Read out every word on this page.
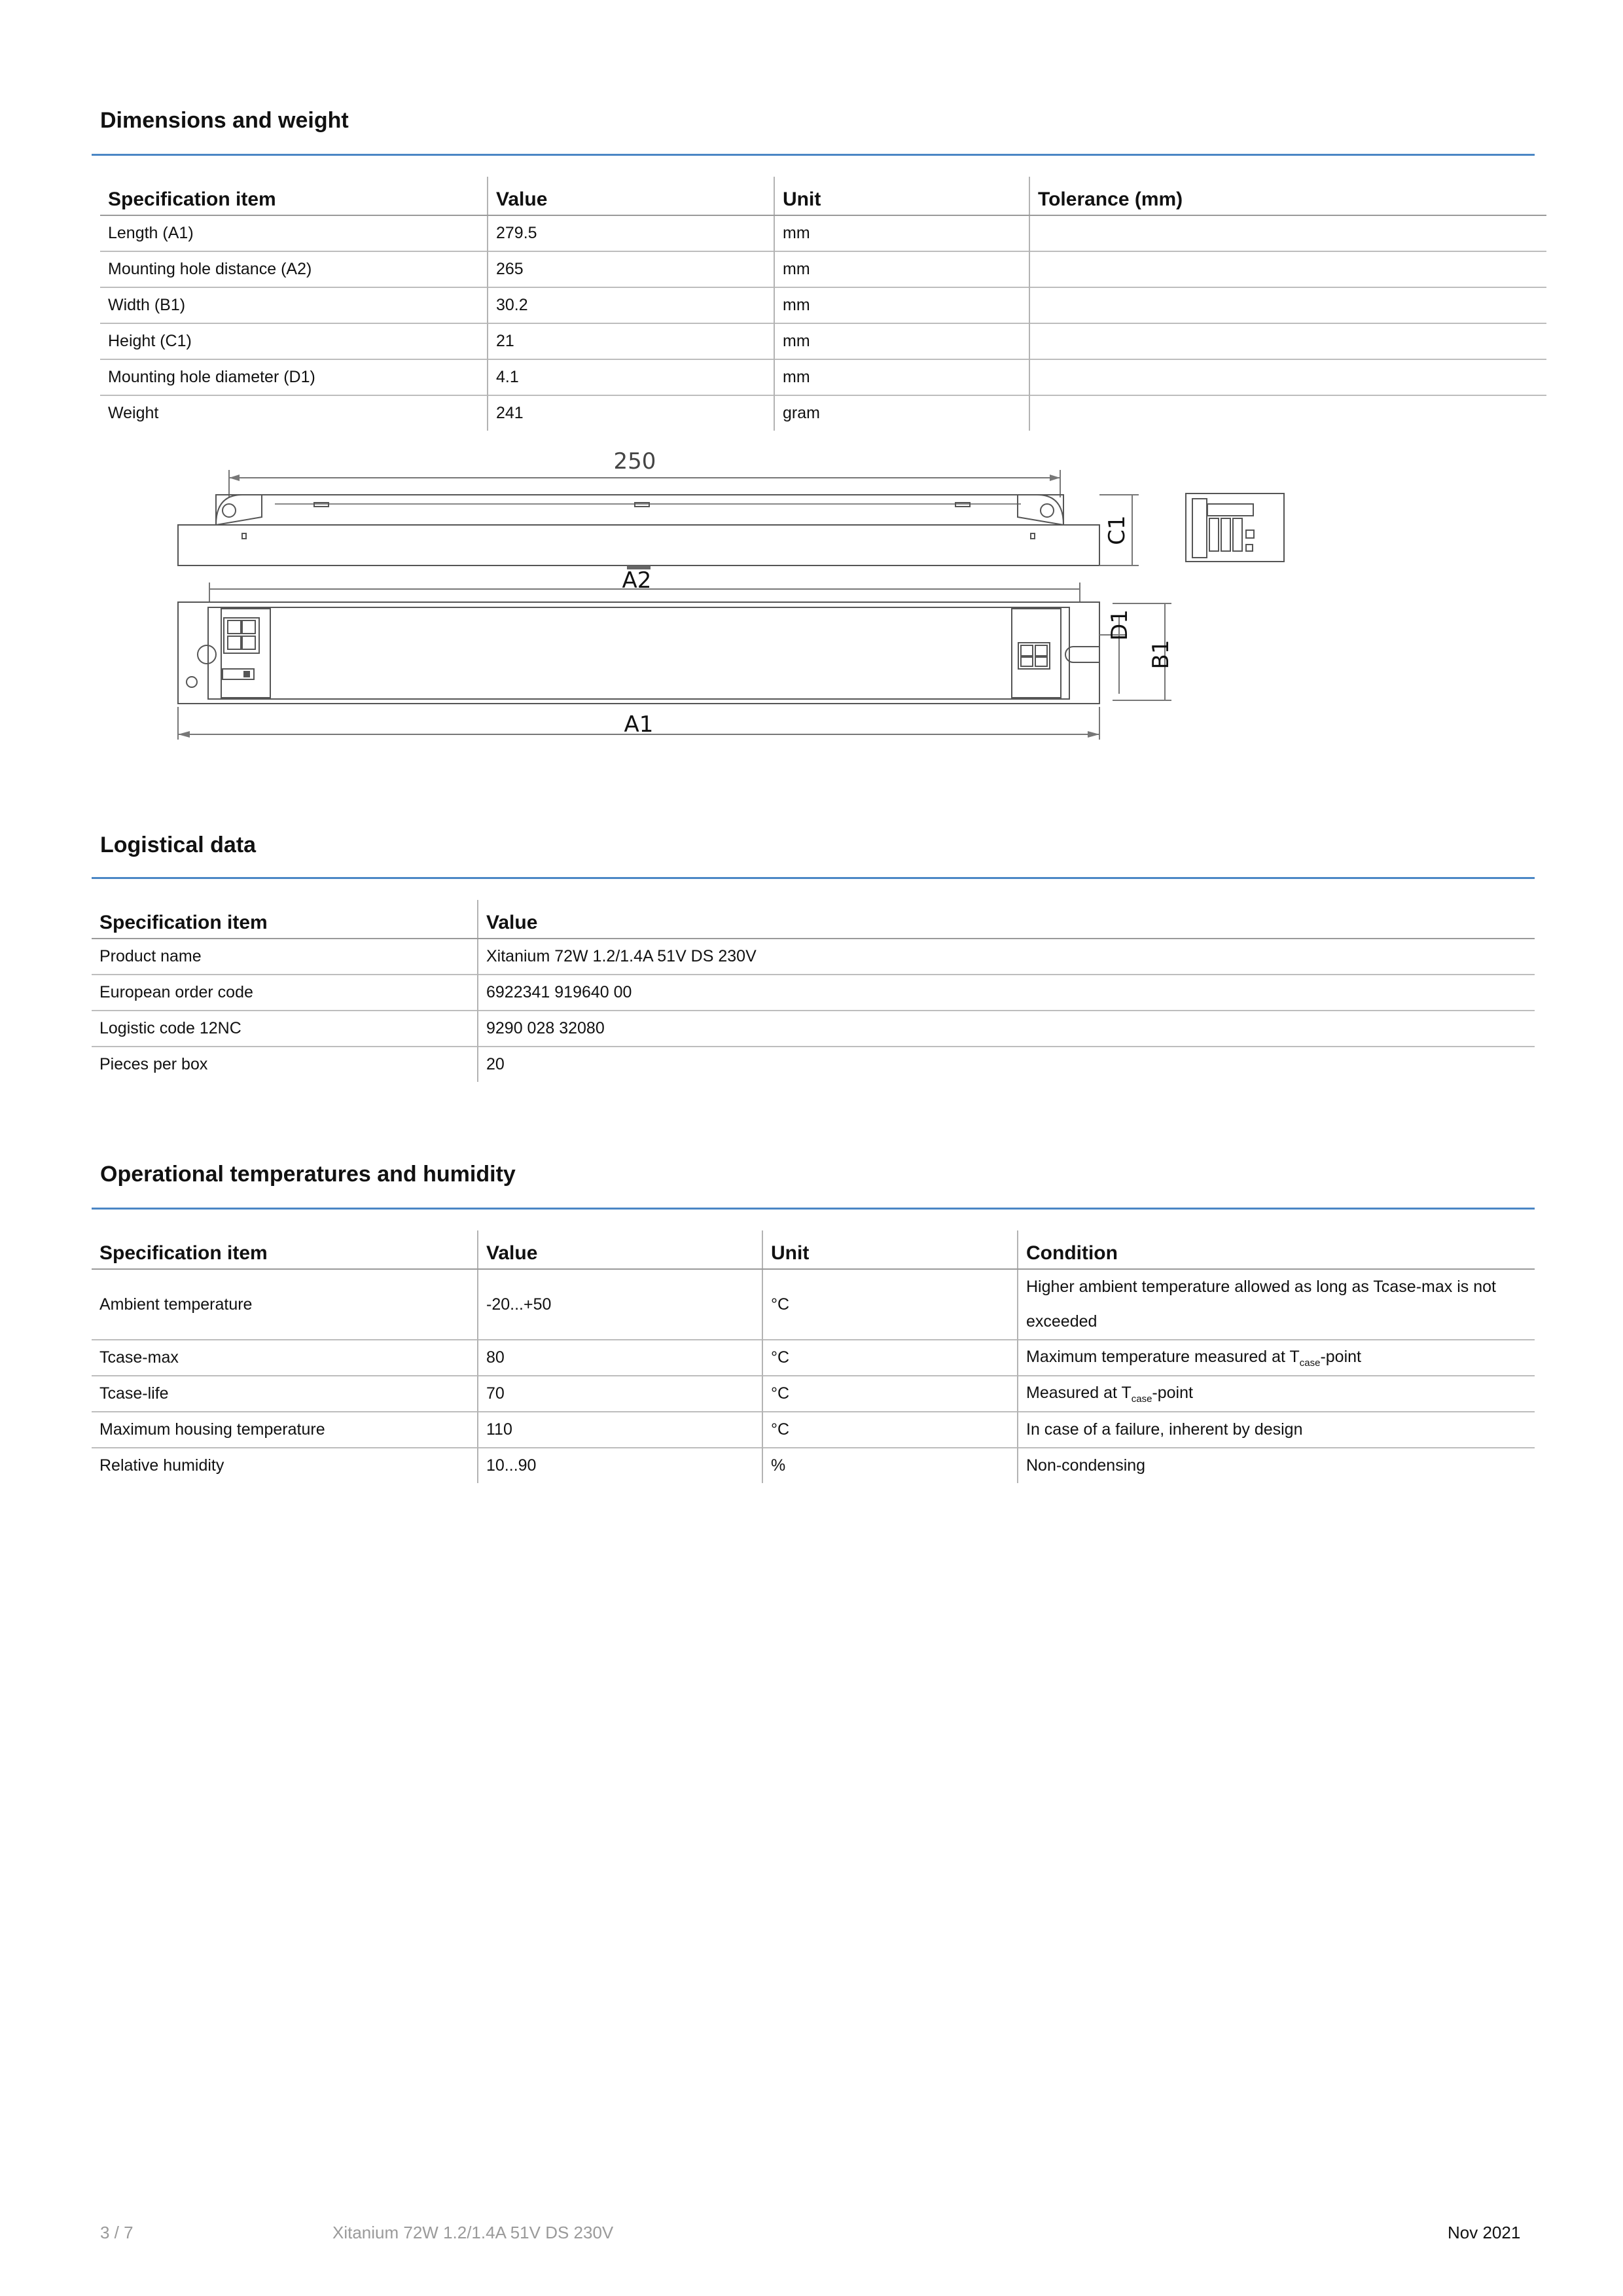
Dimensions and weight
Specification item	Value	Unit	Tolerance (mm)
Length (A1)	279.5	mm	
Mounting hole distance (A2)	265	mm	
Width (B1)	30.2	mm	
Height (C1)	21	mm	
Mounting hole diameter (D1)	4.1	mm	
Weight	241	gram	
250
A2
A1
C1
D1
B1
Logistical data
Specification item	Value
Product name	Xitanium 72W 1.2/1.4A 51V DS 230V
European order code	6922341 919640 00
Logistic code 12NC	9290 028 32080
Pieces per box	20
Operational temperatures and humidity
Specification item	Value	Unit	Condition
Ambient temperature	-20...+50	°C	Higher ambient temperature allowed as long as Tcase-max is not exceeded
Tcase-max	80	°C	Maximum temperature measured at $T_{case}$-point
Tcase-life	70	°C	Measured at $T_{case}$-point
Maximum housing temperature	110	°C	In case of a failure, inherent by design
Relative humidity	10...90	%	Non-condensing
3 / 7	Xitanium 72W 1.2/1.4A 51V DS 230V	Nov 2021
